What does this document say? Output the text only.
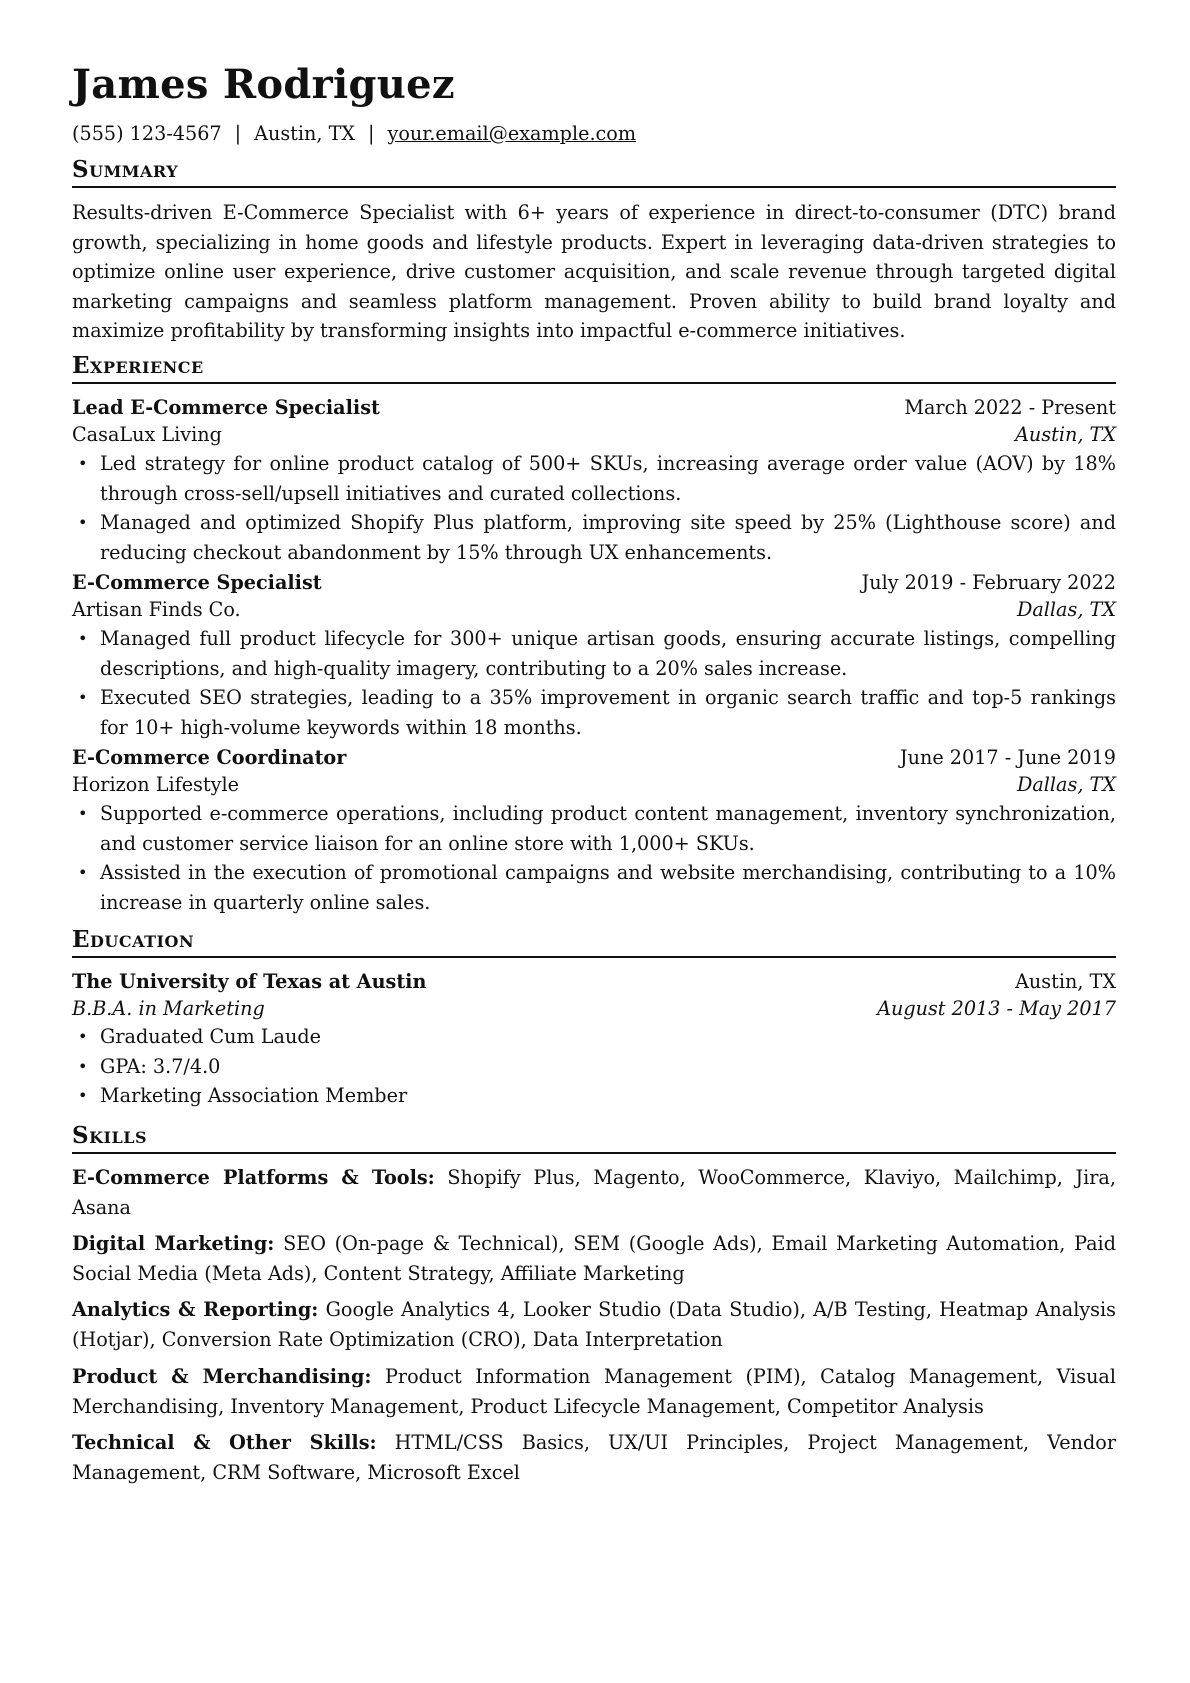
James Rodriguez
(555) 123-4567 | Austin, TX | your.email@example.com
Summary
Results-driven E-Commerce Specialist with 6+ years of experience in direct-to-consumer (DTC) brand growth, specializing in home goods and lifestyle products. Expert in leveraging data-driven strategies to optimize online user experience, drive customer acquisition, and scale revenue through targeted digital marketing campaigns and seamless platform management. Proven ability to build brand loyalty and maximize profitability by transforming insights into impactful e-commerce initiatives.
Experience
Lead E-Commerce Specialist	March 2022 - Present
CasaLux Living	Austin, TX
• Led strategy for online product catalog of 500+ SKUs, increasing average order value (AOV) by 18% through cross-sell/upsell initiatives and curated collections.
• Managed and optimized Shopify Plus platform, improving site speed by 25% (Lighthouse score) and reducing checkout abandonment by 15% through UX enhancements.
E-Commerce Specialist	July 2019 - February 2022
Artisan Finds Co.	Dallas, TX
• Managed full product lifecycle for 300+ unique artisan goods, ensuring accurate listings, compelling descriptions, and high-quality imagery, contributing to a 20% sales increase.
• Executed SEO strategies, leading to a 35% improvement in organic search traffic and top-5 rankings for 10+ high-volume keywords within 18 months.
E-Commerce Coordinator	June 2017 - June 2019
Horizon Lifestyle	Dallas, TX
• Supported e-commerce operations, including product content management, inventory synchronization, and customer service liaison for an online store with 1,000+ SKUs.
• Assisted in the execution of promotional campaigns and website merchandising, contributing to a 10% increase in quarterly online sales.
Education
The University of Texas at Austin	Austin, TX
B.B.A. in Marketing	August 2013 - May 2017
• Graduated Cum Laude
• GPA: 3.7/4.0
• Marketing Association Member
Skills
E-Commerce Platforms & Tools: Shopify Plus, Magento, WooCommerce, Klaviyo, Mailchimp, Jira, Asana
Digital Marketing: SEO (On-page & Technical), SEM (Google Ads), Email Marketing Automation, Paid Social Media (Meta Ads), Content Strategy, Affiliate Marketing
Analytics & Reporting: Google Analytics 4, Looker Studio (Data Studio), A/B Testing, Heatmap Analysis (Hotjar), Conversion Rate Optimization (CRO), Data Interpretation
Product & Merchandising: Product Information Management (PIM), Catalog Management, Visual Merchandising, Inventory Management, Product Lifecycle Management, Competitor Analysis
Technical & Other Skills: HTML/CSS Basics, UX/UI Principles, Project Management, Vendor Management, CRM Software, Microsoft Excel
